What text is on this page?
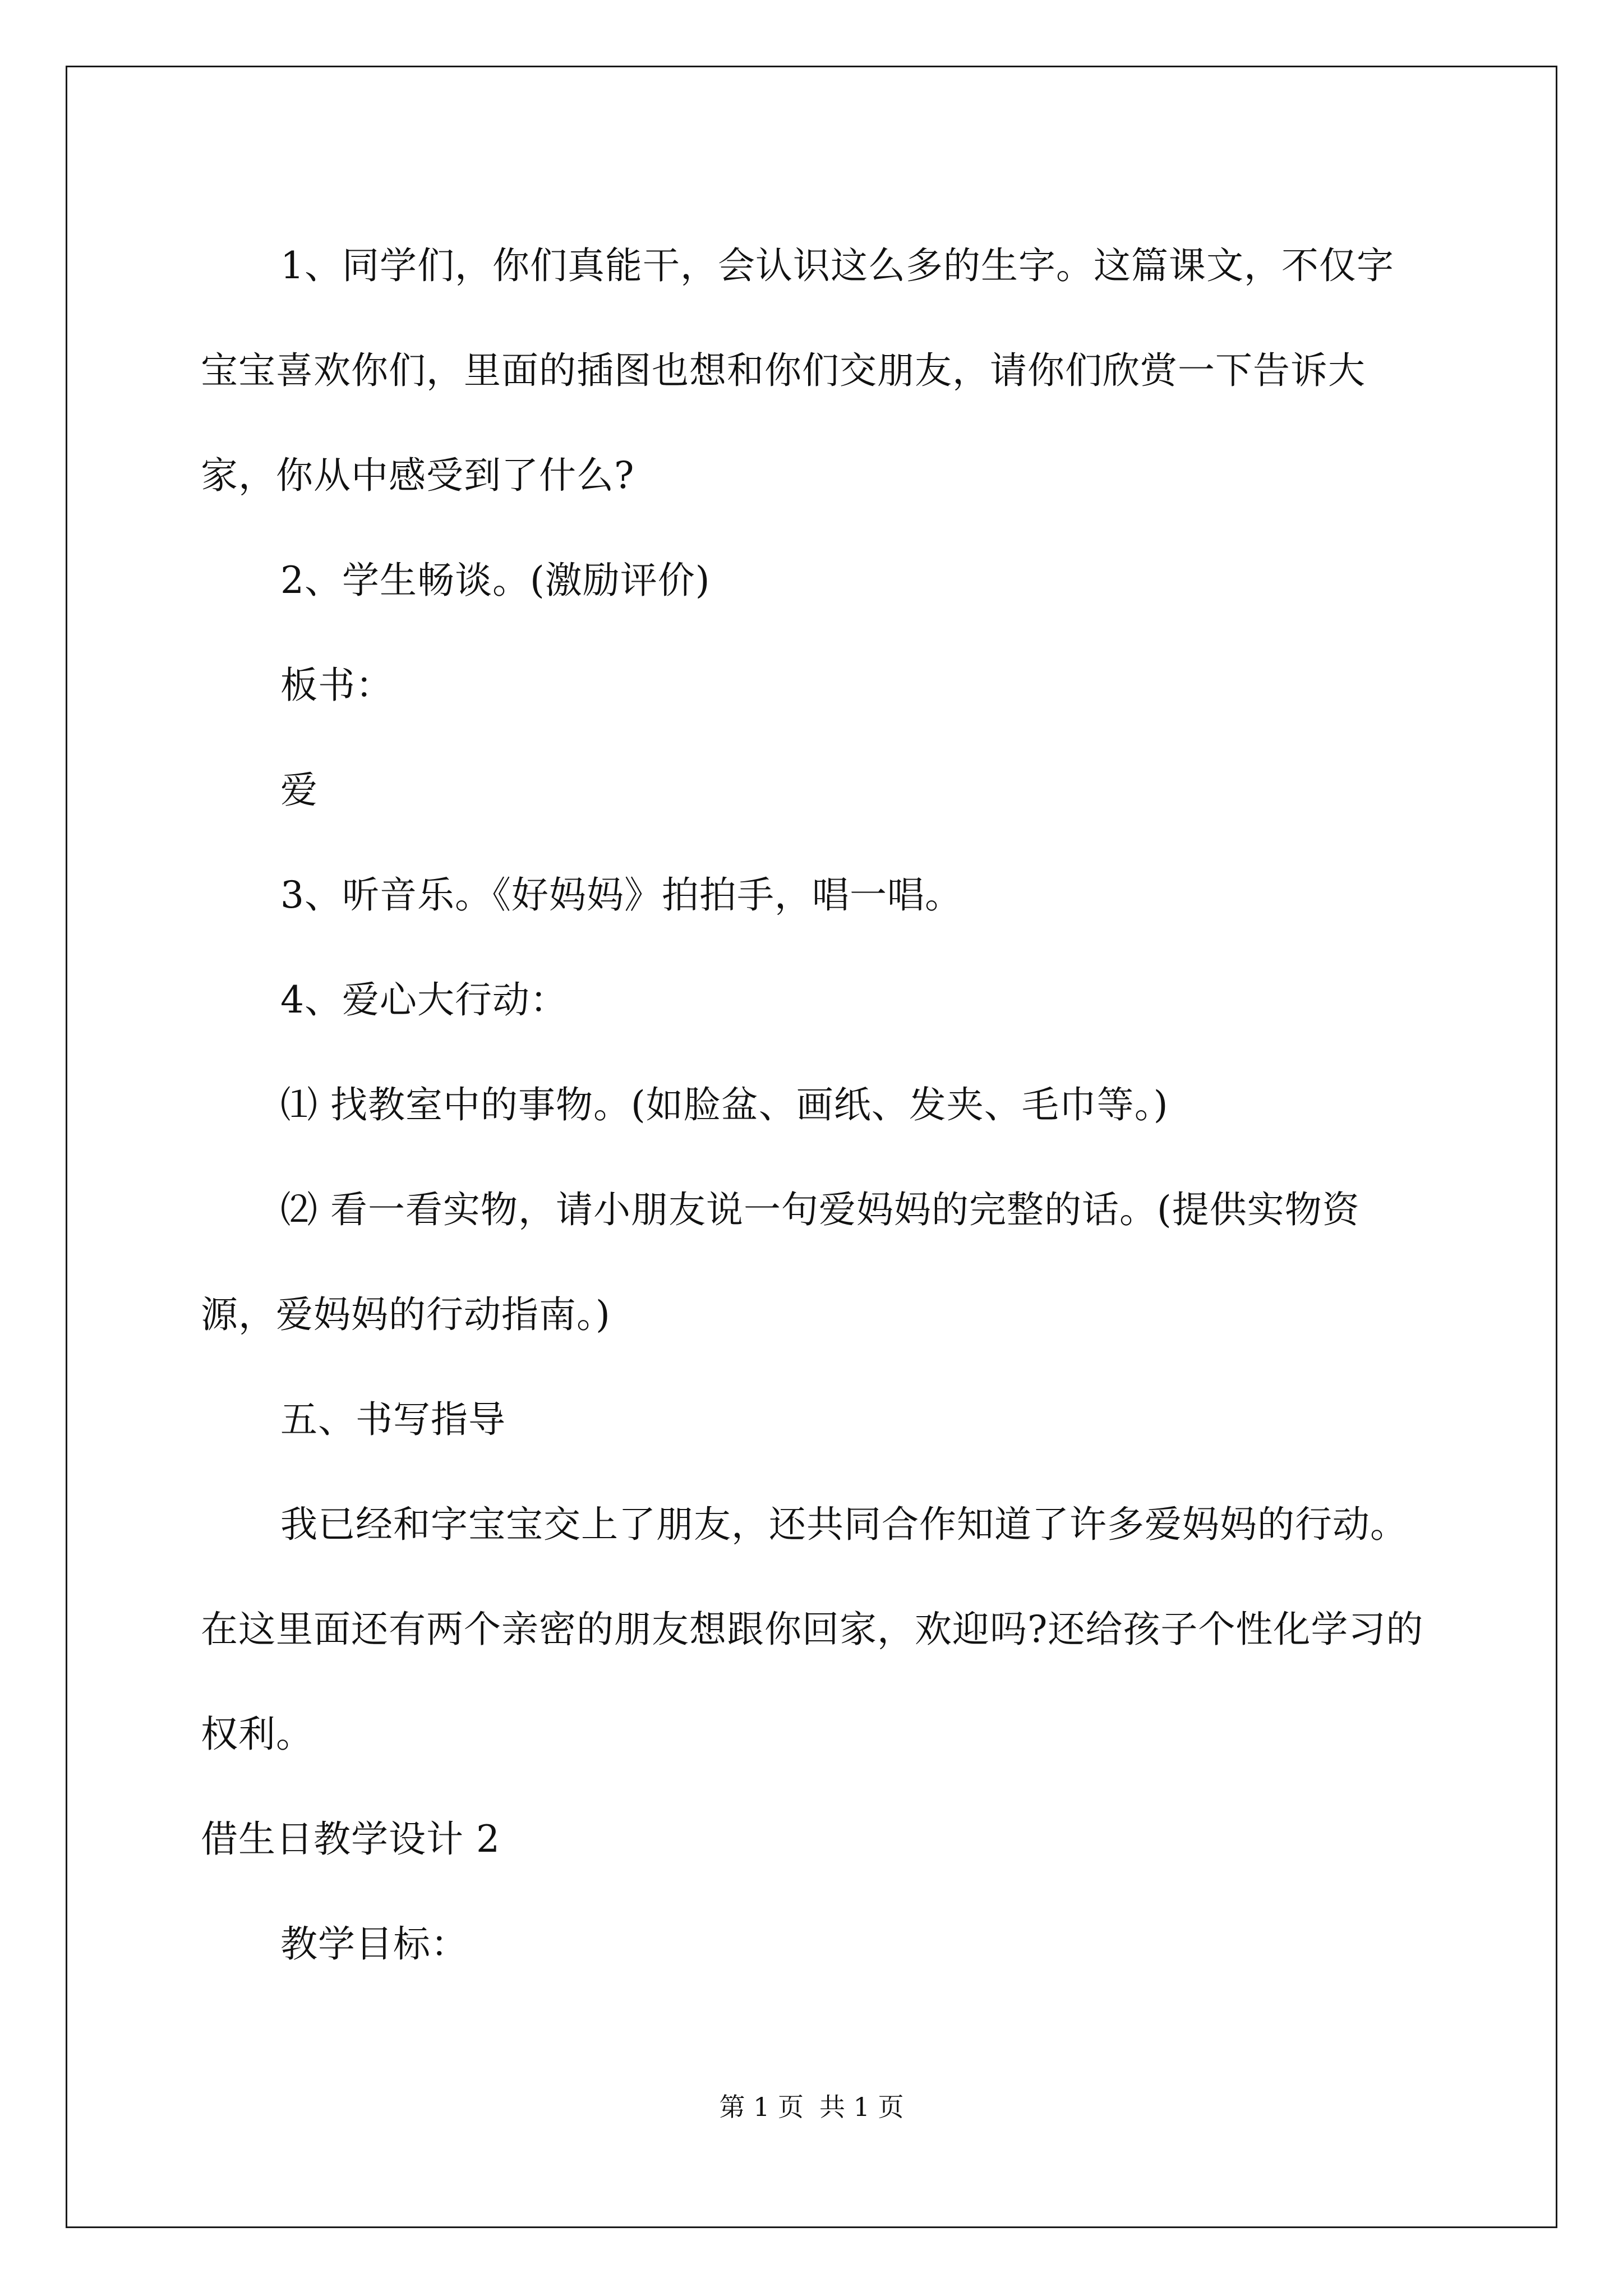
1、同学们，你们真能干，会认识这么多的生字。这篇课文，不仅字宝宝喜欢你们，里面的插图也想和你们交朋友，请你们欣赏一下告诉大家，你从中感受到了什么?

2、学生畅谈。(激励评价)

板书：

爱

3、听音乐。《好妈妈》拍拍手，唱一唱。

4、爱心大行动：

⑴ 找教室中的事物。(如脸盆、画纸、发夹、毛巾等。)

⑵ 看一看实物，请小朋友说一句爱妈妈的完整的话。(提供实物资源，爱妈妈的行动指南。)

五、书写指导

我已经和字宝宝交上了朋友，还共同合作知道了许多爱妈妈的行动。在这里面还有两个亲密的朋友想跟你回家，欢迎吗?还给孩子个性化学习的权利。

借生日教学设计 2

教学目标：

第 1 页 共 1 页
